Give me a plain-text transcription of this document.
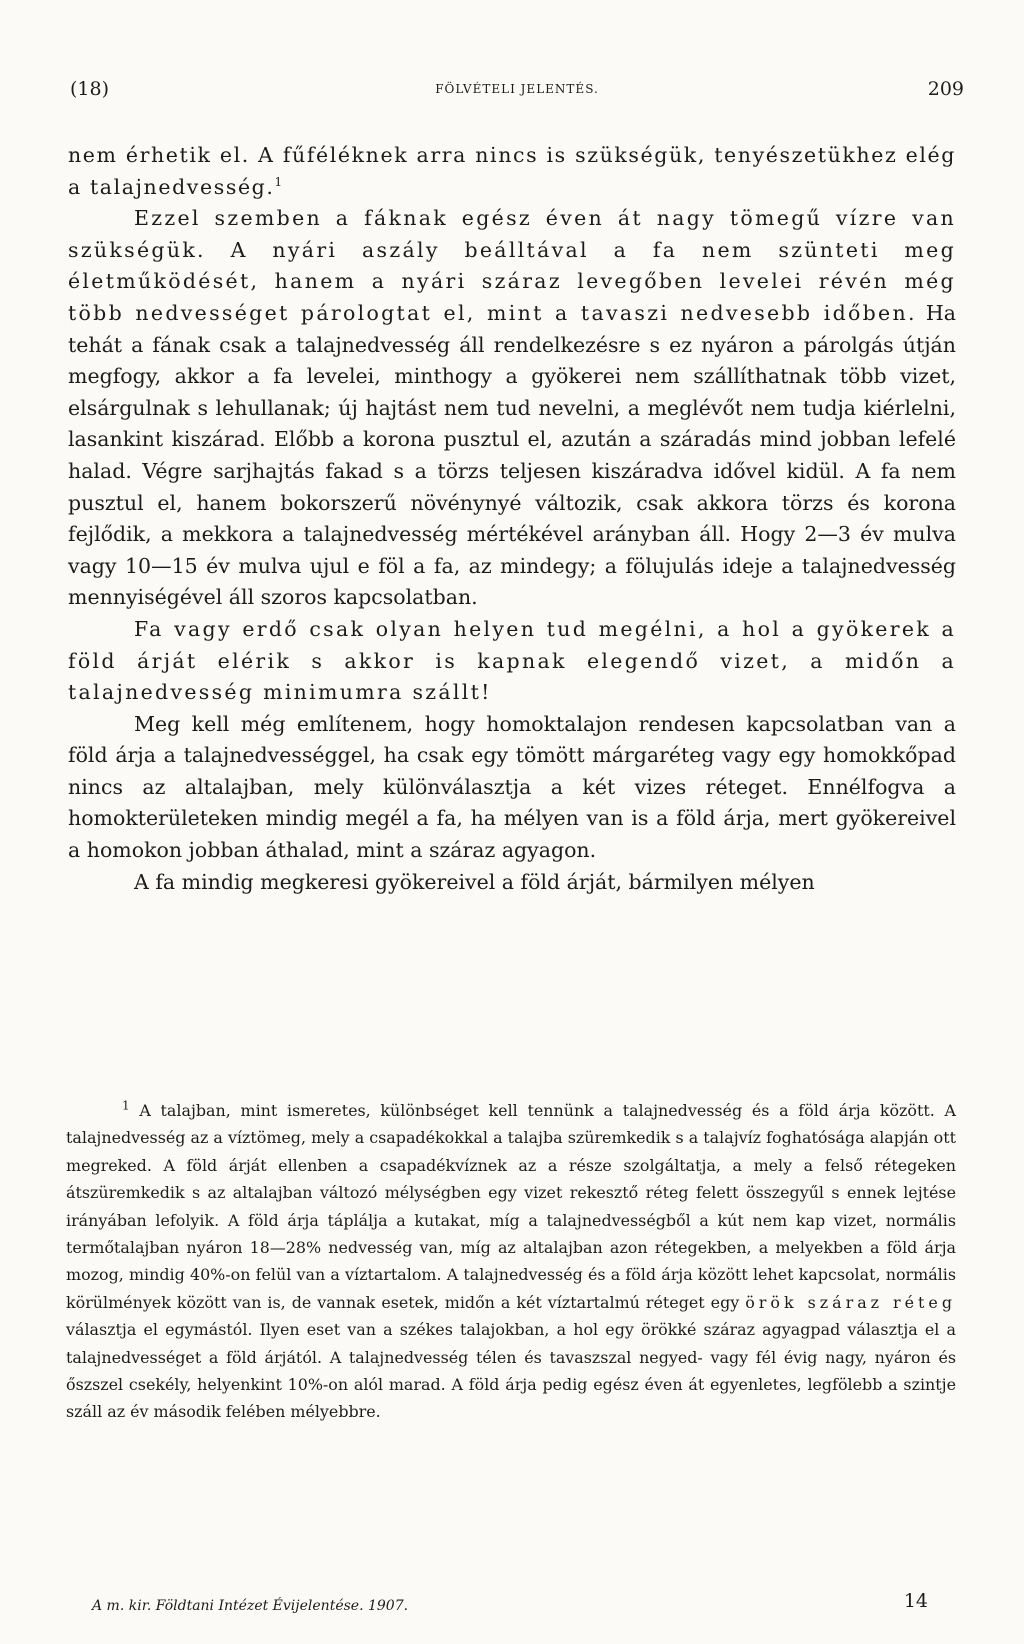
(18)	FÖLVÉTELI JELENTÉS.	209

nem érhetik el. A fűféléknek arra nincs is szükségük, tenyészetükhez elég a talajnedvesség.$^1$

Ezzel szemben a fáknak egész éven át nagy tömegű vízre van szükségük. A nyári aszály beálltával a fa nem szünteti meg életműködését, hanem a nyári száraz levegőben levelei révén még több nedvességet párologtat el, mint a tavaszi nedvesebb időben. Ha tehát a fának csak a talajnedvesség áll rendelkezésre s ez nyáron a párolgás útján megfogy, akkor a fa levelei, minthogy a gyökerei nem szállíthatnak több vizet, elsárgulnak s lehullanak; új hajtást nem tud nevelni, a meglévőt nem tudja kiérlelni, lasankint kiszárad. Előbb a korona pusztul el, azután a száradás mind jobban lefelé halad. Végre sarjhajtás fakad s a törzs teljesen kiszáradva idővel kidül. A fa nem pusztul el, hanem bokorszerű növénynyé változik, csak akkora törzs és korona fejlődik, a mekkora a talajnedvesség mértékével arányban áll. Hogy 2—3 év mulva vagy 10—15 év mulva ujul e föl a fa, az mindegy; a fölujulás ideje a talajnedvesség mennyiségével áll szoros kapcsolatban.

Fa vagy erdő csak olyan helyen tud megélni, a hol a gyökerek a föld árját elérik s akkor is kapnak elegendő vizet, a midőn a talajnedvesség minimumra szállt!

Meg kell még említenem, hogy homoktalajon rendesen kapcsolatban van a föld árja a talajnedvességgel, ha csak egy tömött márgaréteg vagy egy homokkőpad nincs az altalajban, mely különválasztja a két vizes réteget. Ennélfogva a homokterületeken mindig megél a fa, ha mélyen van is a föld árja, mert gyökereivel a homokon jobban áthalad, mint a száraz agyagon.

A fa mindig megkeresi gyökereivel a föld árját, bármilyen mélyen

$^1$ A talajban, mint ismeretes, különbséget kell tennünk a talajnedvesség és a föld árja között. A talajnedvesség az a víztömeg, mely a csapadékokkal a talajba szüremkedik s a talajvíz foghatósága alapján ott megreked. A föld árját ellenben a csapadékvíznek az a része szolgáltatja, a mely a felső rétegeken átszüremkedik s az altalajban változó mélységben egy vizet rekesztő réteg felett összegyűl s ennek lejtése irányában lefolyik. A föld árja táplálja a kutakat, míg a talajnedvességből a kút nem kap vizet, normális termőtalajban nyáron 18—28% nedvesség van, míg az altalajban azon rétegekben, a melyekben a föld árja mozog, mindig 40%-on felül van a víztartalom. A talajnedvesség és a föld árja között lehet kapcsolat, normális körülmények között van is, de vannak esetek, midőn a két víztartalmú réteget egy örök száraz réteg választja el egymástól. Ilyen eset van a székes talajokban, a hol egy örökké száraz agyagpad választja el a talajnedvességet a föld árjától. A talajnedvesség télen és tavaszszal negyed- vagy fél évig nagy, nyáron és őszszel csekély, helyenkint 10%-on alól marad. A föld árja pedig egész éven át egyenletes, legfölebb a szintje száll az év második felében mélyebbre.

A m. kir. Földtani Intézet Évijelentése. 1907.	14
